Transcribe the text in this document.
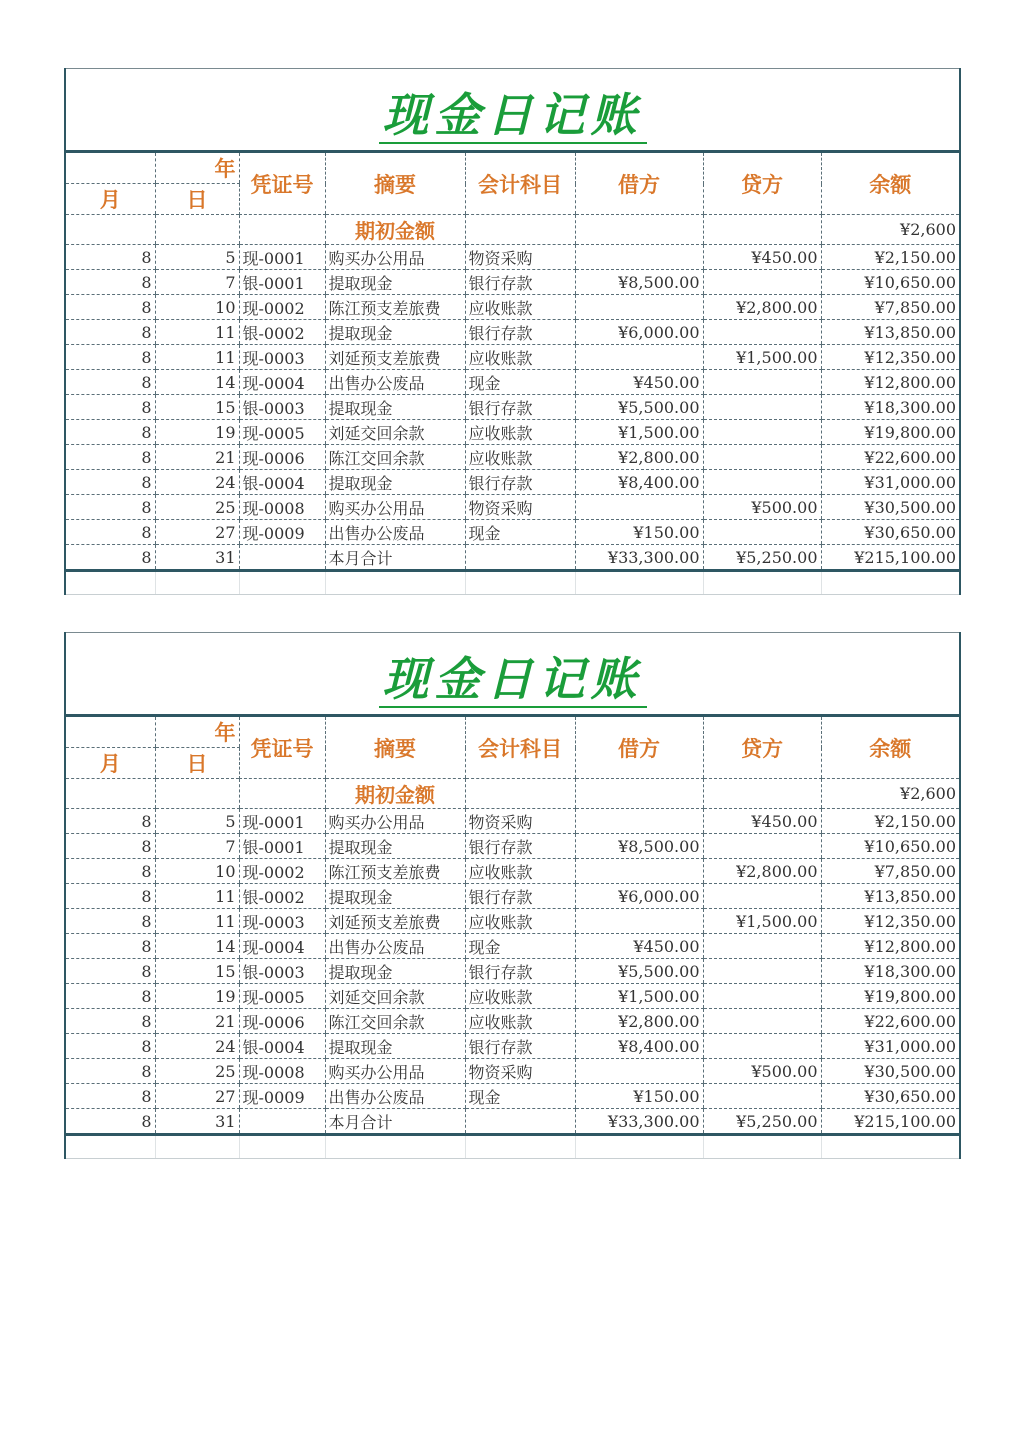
现金日记账							
	年	凭证号	摘要	会计科目	借方	贷方	余额
月	日						
			期初金额				¥2,600
8	5	现-0001	购买办公用品	物资采购		¥450.00	¥2,150.00
8	7	银-0001	提取现金	银行存款	¥8,500.00		¥10,650.00
8	10	现-0002	陈江预支差旅费	应收账款		¥2,800.00	¥7,850.00
8	11	银-0002	提取现金	银行存款	¥6,000.00		¥13,850.00
8	11	现-0003	刘延预支差旅费	应收账款		¥1,500.00	¥12,350.00
8	14	现-0004	出售办公废品	现金	¥450.00		¥12,800.00
8	15	银-0003	提取现金	银行存款	¥5,500.00		¥18,300.00
8	19	现-0005	刘延交回余款	应收账款	¥1,500.00		¥19,800.00
8	21	现-0006	陈江交回余款	应收账款	¥2,800.00		¥22,600.00
8	24	银-0004	提取现金	银行存款	¥8,400.00		¥31,000.00
8	25	现-0008	购买办公用品	物资采购		¥500.00	¥30,500.00
8	27	现-0009	出售办公废品	现金	¥150.00		¥30,650.00
8	31		本月合计		¥33,300.00	¥5,250.00	¥215,100.00

现金日记账							
	年	凭证号	摘要	会计科目	借方	贷方	余额
月	日						
			期初金额				¥2,600
8	5	现-0001	购买办公用品	物资采购		¥450.00	¥2,150.00
8	7	银-0001	提取现金	银行存款	¥8,500.00		¥10,650.00
8	10	现-0002	陈江预支差旅费	应收账款		¥2,800.00	¥7,850.00
8	11	银-0002	提取现金	银行存款	¥6,000.00		¥13,850.00
8	11	现-0003	刘延预支差旅费	应收账款		¥1,500.00	¥12,350.00
8	14	现-0004	出售办公废品	现金	¥450.00		¥12,800.00
8	15	银-0003	提取现金	银行存款	¥5,500.00		¥18,300.00
8	19	现-0005	刘延交回余款	应收账款	¥1,500.00		¥19,800.00
8	21	现-0006	陈江交回余款	应收账款	¥2,800.00		¥22,600.00
8	24	银-0004	提取现金	银行存款	¥8,400.00		¥31,000.00
8	25	现-0008	购买办公用品	物资采购		¥500.00	¥30,500.00
8	27	现-0009	出售办公废品	现金	¥150.00		¥30,650.00
8	31		本月合计		¥33,300.00	¥5,250.00	¥215,100.00
